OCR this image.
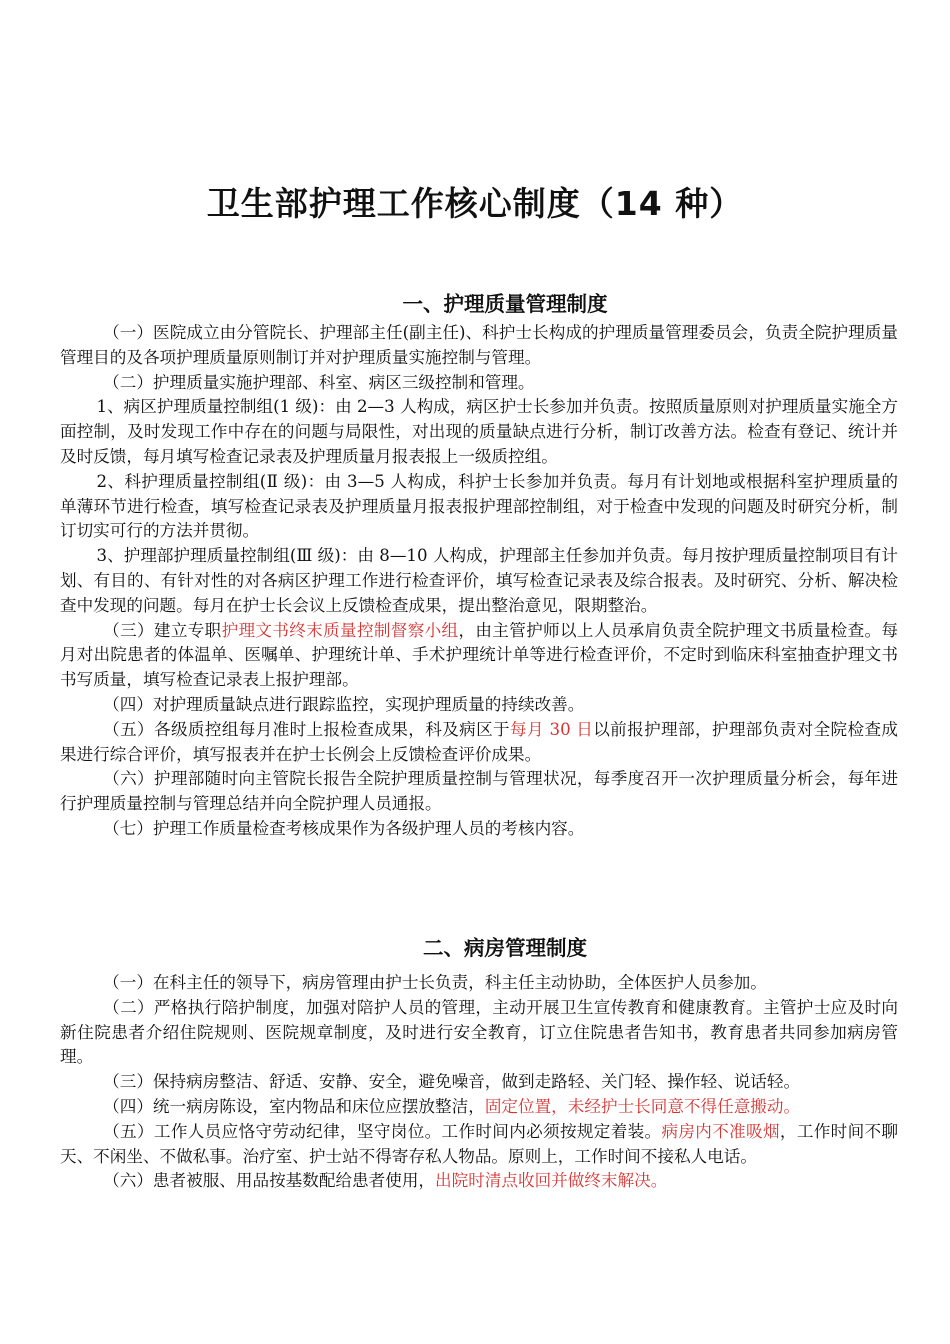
卫生部护理工作核心制度（14 种）
一、护理质量管理制度

（一）医院成立由分管院长、护理部主任(副主任)、科护士长构成的护理质量管理委员会，负责全院护理质量管理目的及各项护理质量原则制订并对护理质量实施控制与管理。

（二）护理质量实施护理部、科室、病区三级控制和管理。

1、病区护理质量控制组(1 级)：由 2—3 人构成，病区护士长参加并负责。按照质量原则对护理质量实施全方面控制，及时发现工作中存在的问题与局限性，对出现的质量缺点进行分析，制订改善方法。检查有登记、统计并及时反馈，每月填写检查记录表及护理质量月报表报上一级质控组。

2、科护理质量控制组(Ⅱ 级)：由 3—5 人构成，科护士长参加并负责。每月有计划地或根据科室护理质量的单薄环节进行检查，填写检查记录表及护理质量月报表报护理部控制组，对于检查中发现的问题及时研究分析，制订切实可行的方法并贯彻。

3、护理部护理质量控制组(Ⅲ 级)：由 8—10 人构成，护理部主任参加并负责。每月按护理质量控制项目有计划、有目的、有针对性的对各病区护理工作进行检查评价，填写检查记录表及综合报表。及时研究、分析、解决检查中发现的问题。每月在护士长会议上反馈检查成果，提出整治意见，限期整治。

（三）建立专职护理文书终末质量控制督察小组，由主管护师以上人员承肩负责全院护理文书质量检查。每月对出院患者的体温单、医嘱单、护理统计单、手术护理统计单等进行检查评价，不定时到临床科室抽查护理文书书写质量，填写检查记录表上报护理部。

（四）对护理质量缺点进行跟踪监控，实现护理质量的持续改善。

（五）各级质控组每月准时上报检查成果，科及病区于每月 30 日以前报护理部，护理部负责对全院检查成果进行综合评价，填写报表并在护士长例会上反馈检查评价成果。

（六）护理部随时向主管院长报告全院护理质量控制与管理状况，每季度召开一次护理质量分析会，每年进行护理质量控制与管理总结并向全院护理人员通报。

（七）护理工作质量检查考核成果作为各级护理人员的考核内容。

二、病房管理制度

（一）在科主任的领导下，病房管理由护士长负责，科主任主动协助，全体医护人员参加。

（二）严格执行陪护制度，加强对陪护人员的管理，主动开展卫生宣传教育和健康教育。主管护士应及时向新住院患者介绍住院规则、医院规章制度，及时进行安全教育，订立住院患者告知书，教育患者共同参加病房管理。

（三）保持病房整洁、舒适、安静、安全，避免噪音，做到走路轻、关门轻、操作轻、说话轻。

（四）统一病房陈设，室内物品和床位应摆放整洁，固定位置，未经护士长同意不得任意搬动。

（五）工作人员应恪守劳动纪律，坚守岗位。工作时间内必须按规定着装。病房内不准吸烟，工作时间不聊天、不闲坐、不做私事。治疗室、护士站不得寄存私人物品。原则上，工作时间不接私人电话。

（六）患者被服、用品按基数配给患者使用，出院时清点收回并做终末解决。
